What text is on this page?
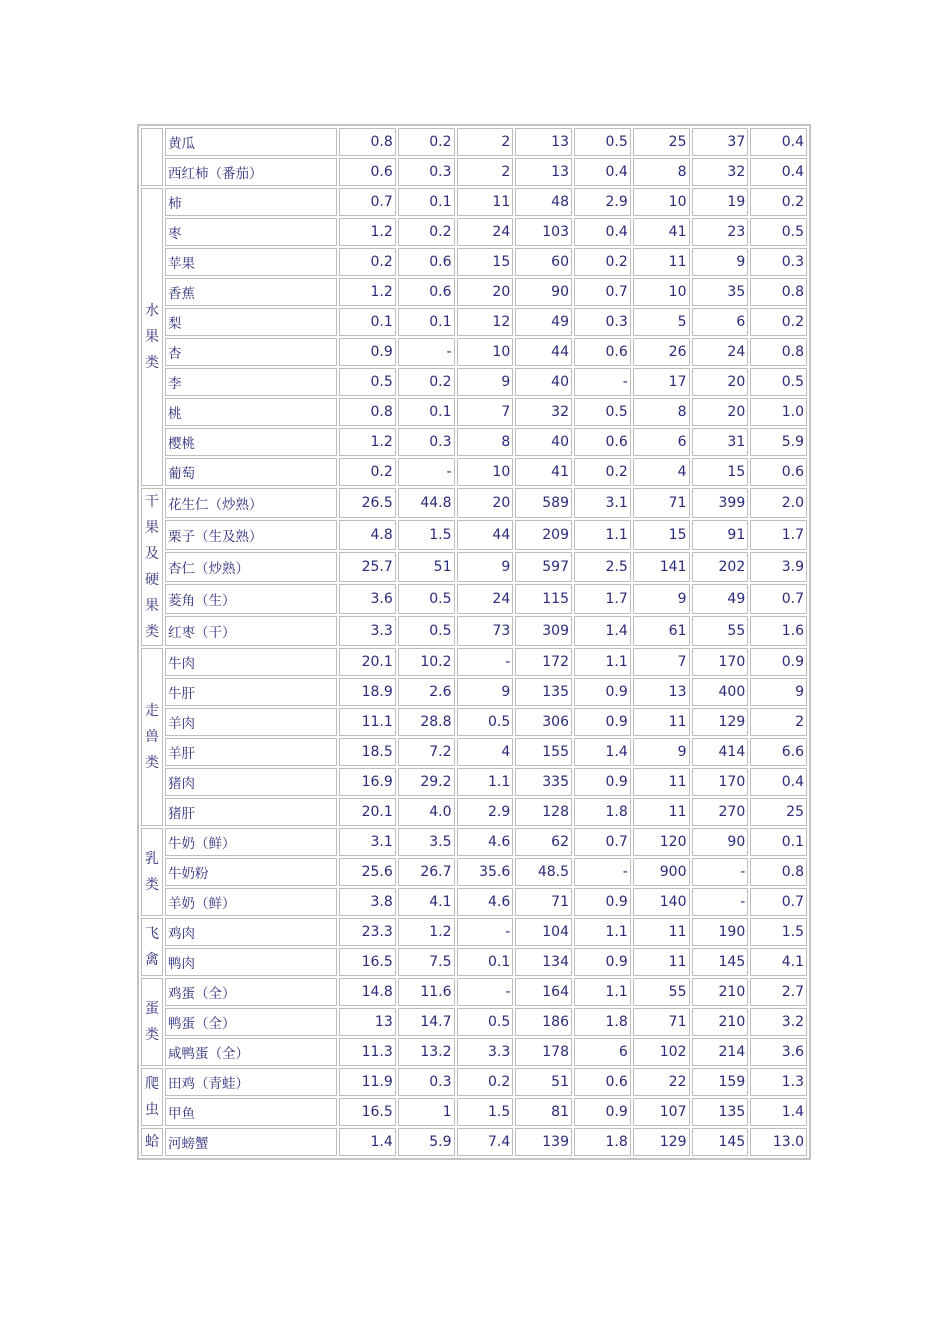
	黄瓜	0.8	0.2	2	13	0.5	25	37	0.4
	西红柿（番茄）	0.6	0.3	2	13	0.4	8	32	0.4
水果类	柿	0.7	0.1	11	48	2.9	10	19	0.2
	枣	1.2	0.2	24	103	0.4	41	23	0.5
	苹果	0.2	0.6	15	60	0.2	11	9	0.3
	香蕉	1.2	0.6	20	90	0.7	10	35	0.8
	梨	0.1	0.1	12	49	0.3	5	6	0.2
	杏	0.9	-	10	44	0.6	26	24	0.8
	李	0.5	0.2	9	40	-	17	20	0.5
	桃	0.8	0.1	7	32	0.5	8	20	1.0
	樱桃	1.2	0.3	8	40	0.6	6	31	5.9
	葡萄	0.2	-	10	41	0.2	4	15	0.6
干果及硬果类	花生仁（炒熟）	26.5	44.8	20	589	3.1	71	399	2.0
	栗子（生及熟）	4.8	1.5	44	209	1.1	15	91	1.7
	杏仁（炒熟）	25.7	51	9	597	2.5	141	202	3.9
	菱角（生）	3.6	0.5	24	115	1.7	9	49	0.7
	红枣（干）	3.3	0.5	73	309	1.4	61	55	1.6
走兽类	牛肉	20.1	10.2	-	172	1.1	7	170	0.9
	牛肝	18.9	2.6	9	135	0.9	13	400	9
	羊肉	11.1	28.8	0.5	306	0.9	11	129	2
	羊肝	18.5	7.2	4	155	1.4	9	414	6.6
	猪肉	16.9	29.2	1.1	335	0.9	11	170	0.4
	猪肝	20.1	4.0	2.9	128	1.8	11	270	25
乳类	牛奶（鲜）	3.1	3.5	4.6	62	0.7	120	90	0.1
	牛奶粉	25.6	26.7	35.6	48.5	-	900	-	0.8
	羊奶（鲜）	3.8	4.1	4.6	71	0.9	140	-	0.7
飞禽	鸡肉	23.3	1.2	-	104	1.1	11	190	1.5
	鸭肉	16.5	7.5	0.1	134	0.9	11	145	4.1
蛋类	鸡蛋（全）	14.8	11.6	-	164	1.1	55	210	2.7
	鸭蛋（全）	13	14.7	0.5	186	1.8	71	210	3.2
	咸鸭蛋（全）	11.3	13.2	3.3	178	6	102	214	3.6
爬虫	田鸡（青蛙）	11.9	0.3	0.2	51	0.6	22	159	1.3
	甲鱼	16.5	1	1.5	81	0.9	107	135	1.4
蛤	河螃蟹	1.4	5.9	7.4	139	1.8	129	145	13.0
